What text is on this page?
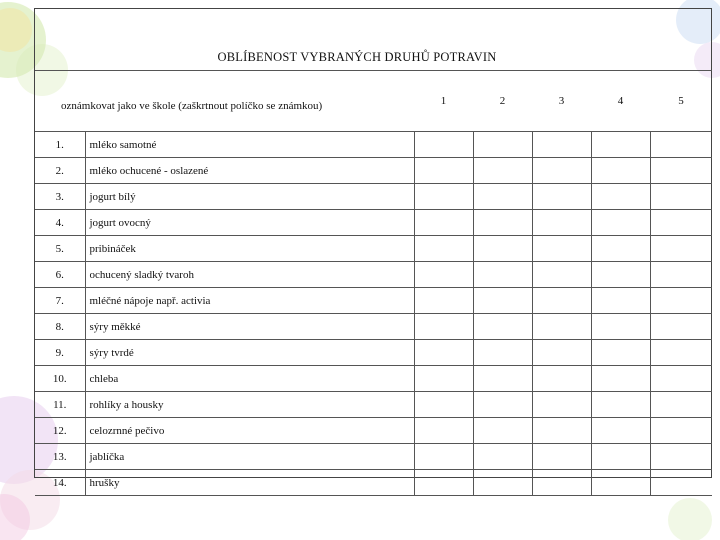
OBLÍBENOST VYBRANÝCH DRUHŮ POTRAVIN
oznámkovat jako ve škole (zaškrtnout políčko se známkou)			1	2	3	4	5
1.	mléko samotné						
2.	mléko ochucené - oslazené						
3.	jogurt bílý						
4.	jogurt ovocný						
5.	pribináček						
6.	ochucený sladký tvaroh						
7.	mléčné nápoje např. activia						
8.	sýry měkké						
9.	sýry tvrdé						
10.	chleba						
11.	rohlíky a housky						
12.	celozrnné pečivo						
13.	jablíčka						
14.	hrušky						
